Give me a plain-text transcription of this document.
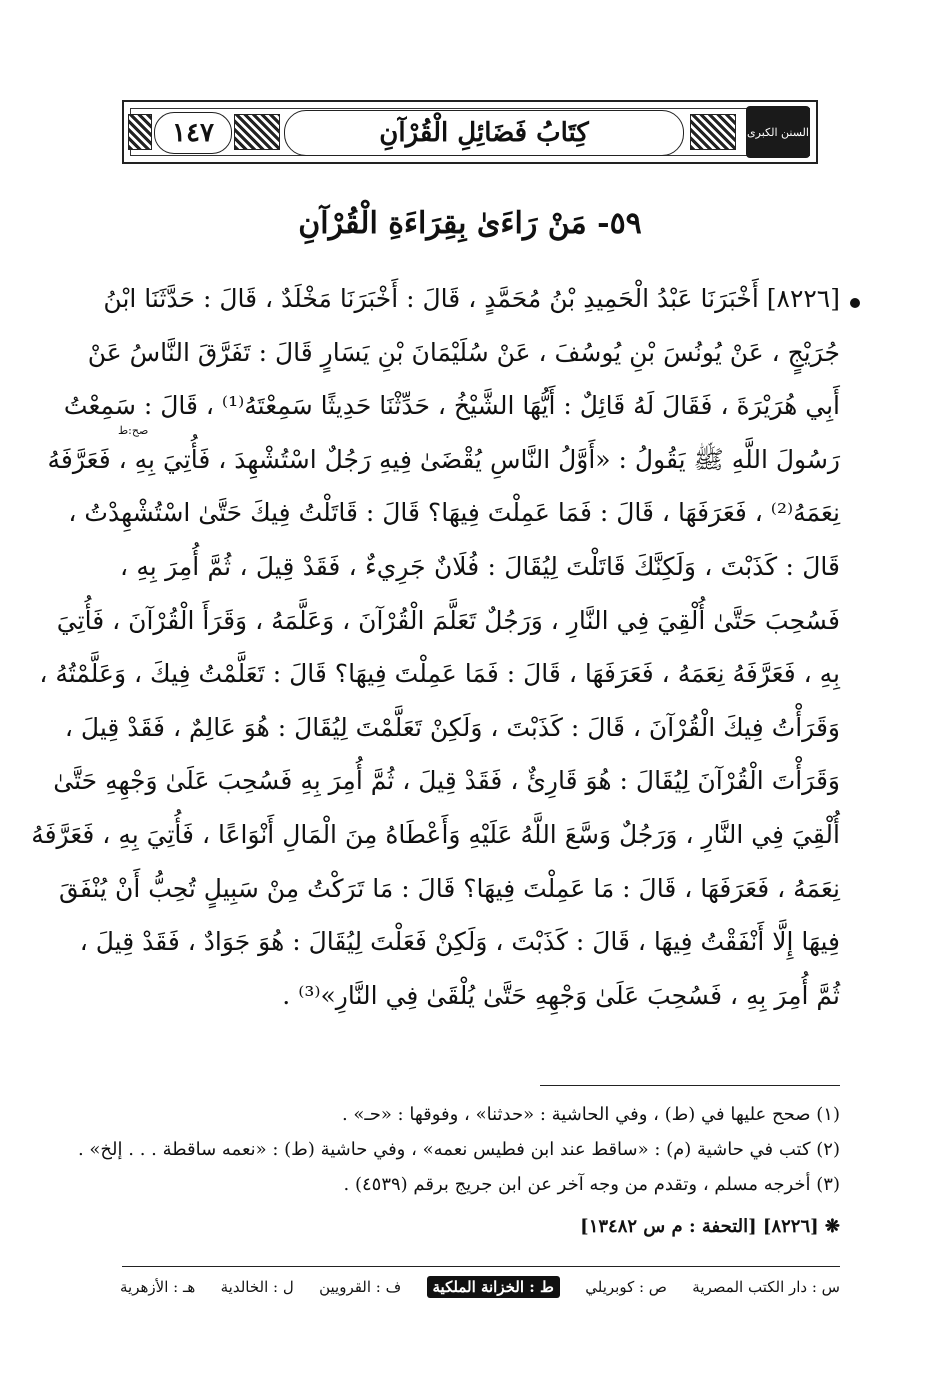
السنن الكبرى
كِتَابُ فَضَائِلِ الْقُرْآنِ
١٤٧
٥٩- مَنْ رَاءَىٰ بِقِرَاءَةِ الْقُرْآنِ
[٨٢٢٦] أَخْبَرَنَا عَبْدُ الْحَمِيدِ بْنُ مُحَمَّدٍ ، قَالَ : أَخْبَرَنَا مَخْلَدٌ ، قَالَ : حَدَّثَنَا ابْنُ
جُرَيْجٍ ، عَنْ يُونُسَ بْنِ يُوسُفَ ، عَنْ سُلَيْمَانَ بْنِ يَسَارٍ قَالَ : تَفَرَّقَ النَّاسُ عَنْ
أَبِي هُرَيْرَةَ ، فَقَالَ لَهُ قَائِلٌ : أَيُّهَا الشَّيْخُ ، حَدِّثْنَا حَدِيثًا سَمِعْتَهُ⁽¹⁾ ، قَالَ : سَمِعْتُ
رَسُولَ اللَّهِ ﷺ يَقُولُ : «أَوَّلُ النَّاسِ يُقْضَىٰ فِيهِ رَجُلٌ اسْتُشْهِدَ ، فَأُتِيَ بِهِ ، فَعَرَّفَهُ
نِعَمَهُ⁽²⁾ ، فَعَرَفَهَا ، قَالَ : فَمَا عَمِلْتَ فِيهَا؟ قَالَ : قَاتَلْتُ فِيكَ حَتَّىٰ اسْتُشْهِدْتُ ،
قَالَ : كَذَبْتَ ، وَلَكِنَّكَ قَاتَلْتَ لِيُقَالَ : فُلَانٌ جَرِيءٌ ، فَقَدْ قِيلَ ، ثُمَّ أُمِرَ بِهِ ،
فَسُحِبَ حَتَّىٰ أُلْقِيَ فِي النَّارِ ، وَرَجُلٌ تَعَلَّمَ الْقُرْآنَ ، وَعَلَّمَهُ ، وَقَرَأَ الْقُرْآنَ ، فَأُتِيَ
بِهِ ، فَعَرَّفَهُ نِعَمَهُ ، فَعَرَفَهَا ، قَالَ : فَمَا عَمِلْتَ فِيهَا؟ قَالَ : تَعَلَّمْتُ فِيكَ ، وَعَلَّمْتُهُ ،
وَقَرَأْتُ فِيكَ الْقُرْآنَ ، قَالَ : كَذَبْتَ ، وَلَكِنْ تَعَلَّمْتَ لِيُقَالَ : هُوَ عَالِمٌ ، فَقَدْ قِيلَ ،
وَقَرَأْتَ الْقُرْآنَ لِيُقَالَ : هُوَ قَارِئٌ ، فَقَدْ قِيلَ ، ثُمَّ أُمِرَ بِهِ فَسُحِبَ عَلَىٰ وَجْهِهِ حَتَّىٰ
أُلْقِيَ فِي النَّارِ ، وَرَجُلٌ وَسَّعَ اللَّهُ عَلَيْهِ وَأَعْطَاهُ مِنَ الْمَالِ أَنْوَاعًا ، فَأُتِيَ بِهِ ، فَعَرَّفَهُ
نِعَمَهُ ، فَعَرَفَهَا ، قَالَ : مَا عَمِلْتَ فِيهَا؟ قَالَ : مَا تَرَكْتُ مِنْ سَبِيلٍ تُحِبُّ أَنْ يُنْفَقَ
فِيهَا إِلَّا أَنْفَقْتُ فِيهَا ، قَالَ : كَذَبْتَ ، وَلَكِنْ فَعَلْتَ لِيُقَالَ : هُوَ جَوَادٌ ، فَقَدْ قِيلَ ،
ثُمَّ أُمِرَ بِهِ ، فَسُحِبَ عَلَىٰ وَجْهِهِ حَتَّىٰ يُلْقَىٰ فِي النَّارِ»⁽³⁾ .
صح:ط
(١) صحح عليها في (ط) ، وفي الحاشية : «حدثنا» ، وفوقها : «حـ» .
(٢) كتب في حاشية (م) : «ساقط عند ابن فطيس نعمه» ، وفي حاشية (ط) : «نعمه ساقطة . . . إلخ» .
(٣) أخرجه مسلم ، وتقدم من وجه آخر عن ابن جريج برقم (٤٥٣٩) .
❋ [٨٢٢٦] [التحفة : م س ١٣٤٨٢]
س : دار الكتب المصرية
ص : كوبريلي
ط : الخزانة الملكية
ف : القرويين
ل : الخالدية
هـ : الأزهرية
